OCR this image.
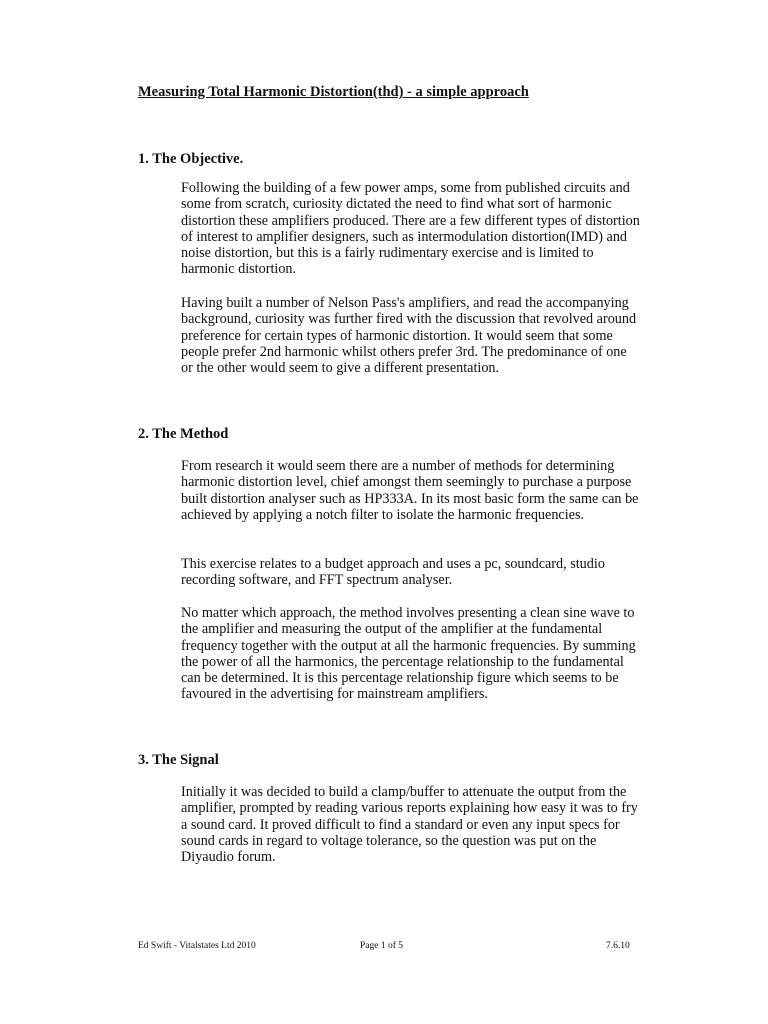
Measuring Total Harmonic Distortion(thd) - a simple approach
1. The Objective.

Following the building of a few power amps, some from published circuits and some from scratch, curiosity dictated the need to find what sort of harmonic distortion these amplifiers produced. There are a few different types of distortion of interest to amplifier designers, such as intermodulation distortion(IMD) and noise distortion, but this is a fairly rudimentary exercise and is limited to harmonic distortion.

Having built a number of Nelson Pass's amplifiers, and read the accompanying background, curiosity was further fired with the discussion that revolved around preference for certain types of harmonic distortion. It would seem that some people prefer 2nd harmonic whilst others prefer 3rd. The predominance of one or the other would seem to give a different presentation.

2. The Method

From research it would seem there are a number of methods for determining harmonic distortion level, chief amongst them seemingly to purchase a purpose built distortion analyser such as HP333A. In its most basic form the same can be achieved by applying a notch filter to isolate the harmonic frequencies.

This exercise relates to a budget approach and uses a pc, soundcard, studio recording software, and FFT spectrum analyser.

No matter which approach, the method involves presenting a clean sine wave to the amplifier and measuring the output of the amplifier at the fundamental frequency together with the output at all the harmonic frequencies. By summing the power of all the harmonics, the percentage relationship to the fundamental can be determined. It is this percentage relationship figure which seems to be favoured in the advertising for mainstream amplifiers.

3. The Signal

Initially it was decided to build a clamp/buffer to attenuate the output from the amplifier, prompted by reading various reports explaining how easy it was to fry a sound card. It proved difficult to find a standard or even any input specs for sound cards in regard to voltage tolerance, so the question was put on the Diyaudio forum.

Ed Swift - Vitalstates Ltd 2010	Page 1 of 5	7.6.10
